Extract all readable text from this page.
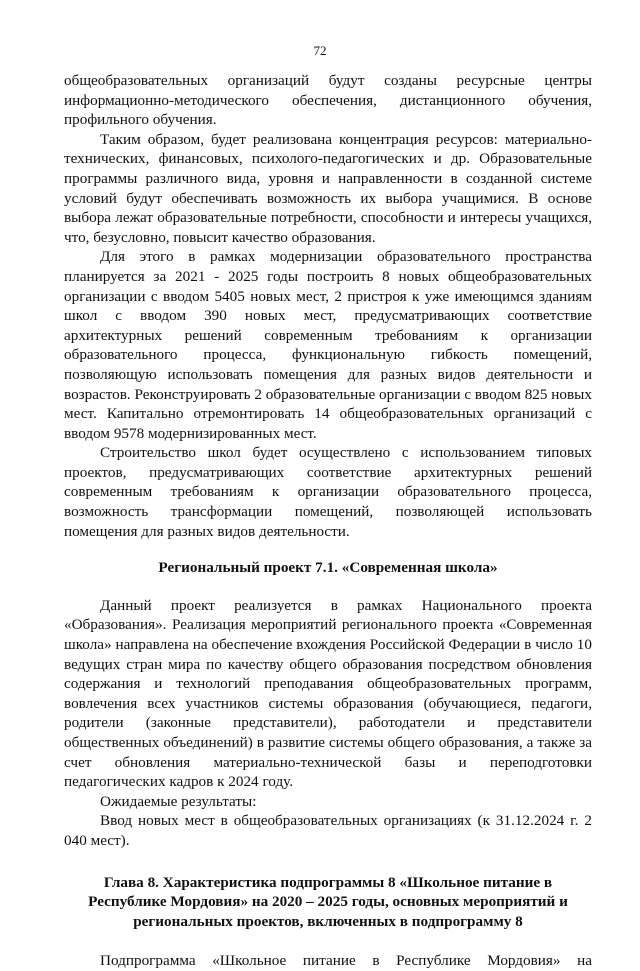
72

общеобразовательных организаций будут созданы ресурсные центры информационно-методического обеспечения, дистанционного обучения, профильного обучения.

Таким образом, будет реализована концентрация ресурсов: материально-технических, финансовых, психолого-педагогических и др. Образовательные программы различного вида, уровня и направленности в созданной системе условий будут обеспечивать возможность их выбора учащимися. В основе выбора лежат образовательные потребности, способности и интересы учащихся, что, безусловно, повысит качество образования.

Для этого в рамках модернизации образовательного пространства планируется за 2021 - 2025 годы построить 8 новых общеобразовательных организации с вводом 5405 новых мест, 2 пристроя к уже имеющимся зданиям школ с вводом 390 новых мест, предусматривающих соответствие архитектурных решений современным требованиям к организации образовательного процесса, функциональную гибкость помещений, позволяющую использовать помещения для разных видов деятельности и возрастов. Реконструировать 2 образовательные организации с вводом 825 новых мест. Капитально отремонтировать 14 общеобразовательных организаций с вводом 9578 модернизированных мест.

Строительство школ будет осуществлено с использованием типовых проектов, предусматривающих соответствие архитектурных решений современным требованиям к организации образовательного процесса, возможность трансформации помещений, позволяющей использовать помещения для разных видов деятельности.

Региональный проект 7.1. «Современная школа»

Данный проект реализуется в рамках Национального проекта «Образования». Реализация мероприятий регионального проекта «Современная школа» направлена на обеспечение вхождения Российской Федерации в число 10 ведущих стран мира по качеству общего образования посредством обновления содержания и технологий преподавания общеобразовательных программ, вовлечения всех участников системы образования (обучающиеся, педагоги, родители (законные представители), работодатели и представители общественных объединений) в развитие системы общего образования, а также за счет обновления материально-технической базы и переподготовки педагогических кадров к 2024 году.

Ожидаемые результаты:

Ввод новых мест в общеобразовательных организациях (к 31.12.2024 г. 2 040 мест).

Глава 8. Характеристика подпрограммы 8 «Школьное питание в Республике Мордовия» на 2020 – 2025 годы, основных мероприятий и региональных проектов, включенных в подпрограмму 8

Подпрограмма «Школьное питание в Республике Мордовия» на
